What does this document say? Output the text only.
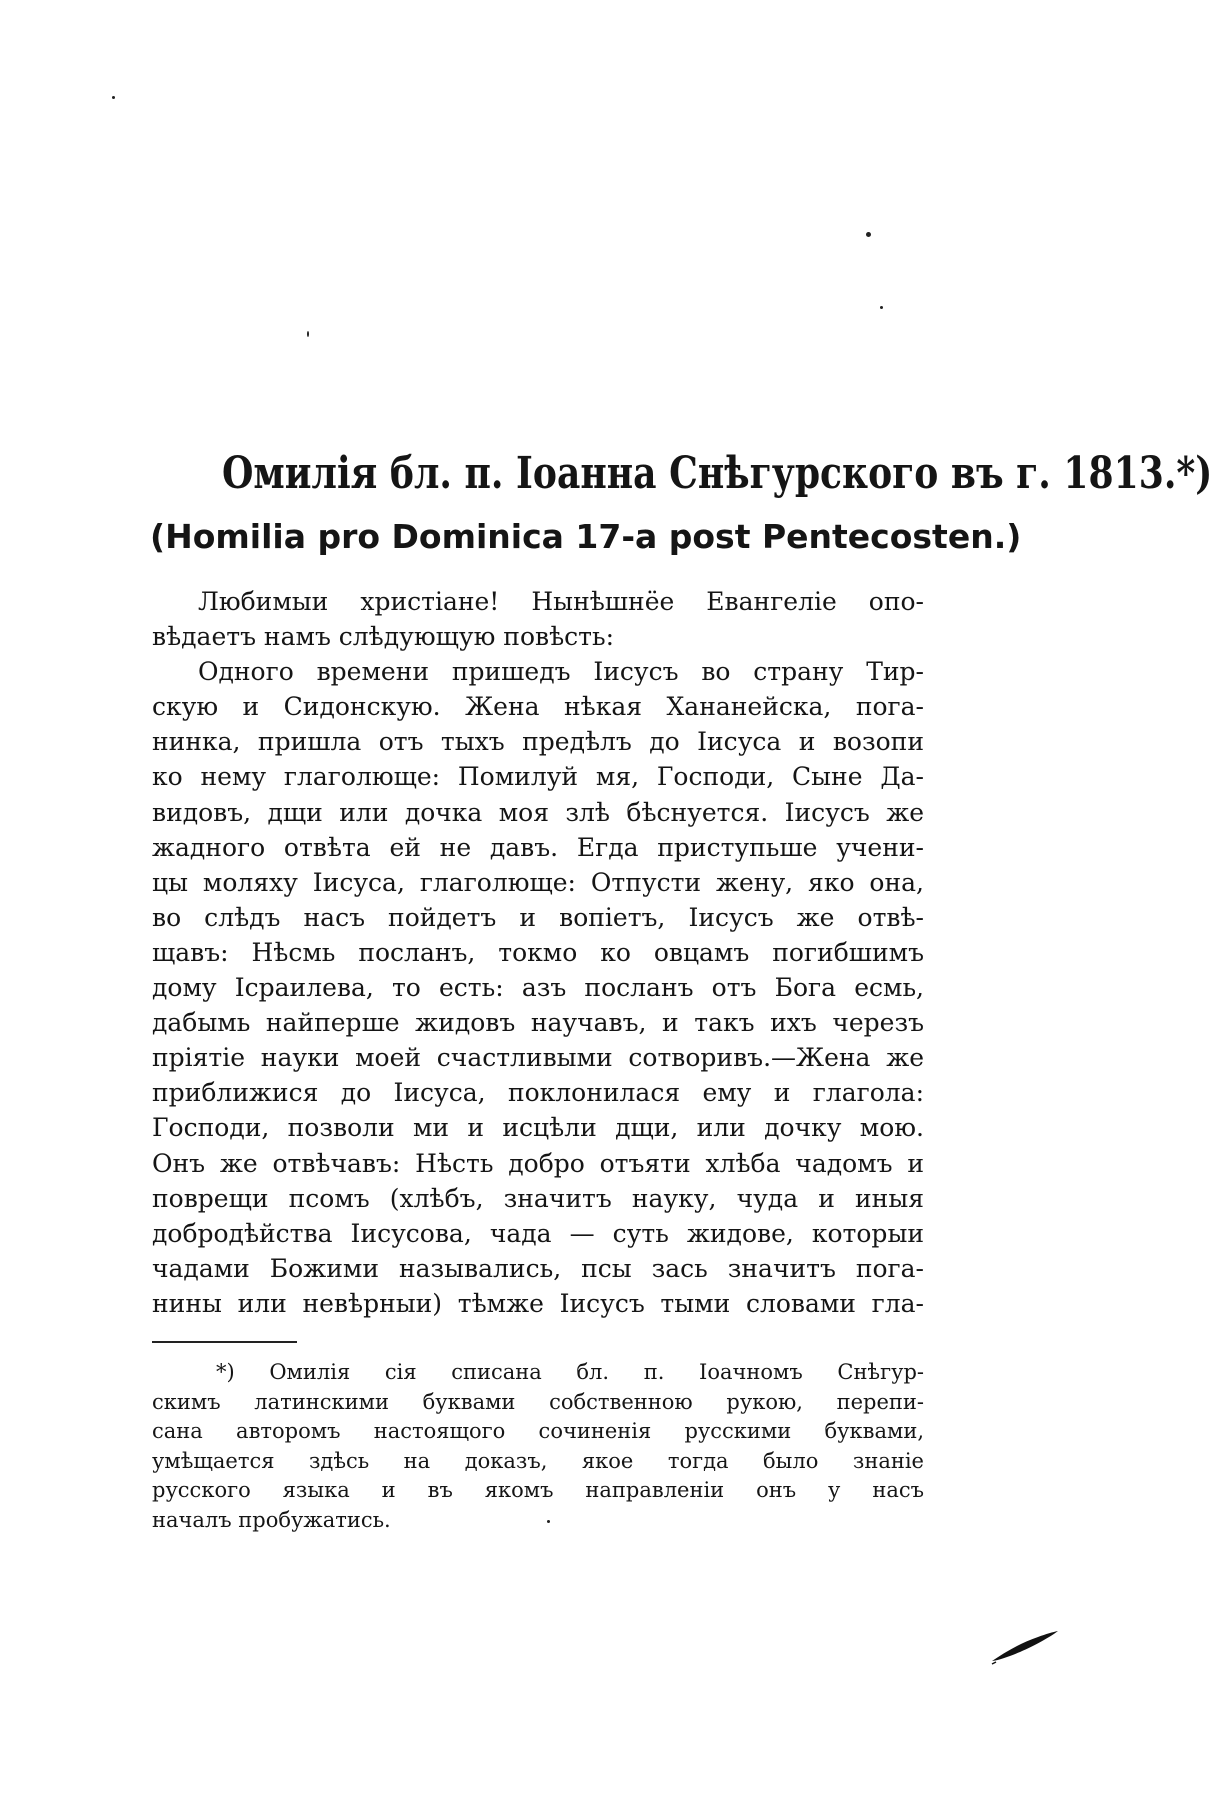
Омилія бл. п. Іоанна Снѣгурского въ г. 1813.*)
(Homilia pro Dominica 17-a post Pentecosten.)
Любимыи христіане! Нынѣшнёе Евангеліе опо-
вѣдаетъ намъ слѣдующую повѣсть:
Одного времени пришедъ Іисусъ во страну Тир-
скую и Сидонскую. Жена нѣкая Хананейска, пога-
нинка, пришла отъ тыхъ предѣлъ до Іисуса и возопи
ко нему глаголюще: Помилуй мя, Господи, Сыне Да-
видовъ, дщи или дочка моя злѣ бѣснуется. Іисусъ же
жадного отвѣта ей не давъ. Егда приступьше учени-
цы моляху Іисуса, глаголюще: Отпусти жену, яко она,
во слѣдъ насъ пойдетъ и вопіетъ, Іисусъ же отвѣ-
щавъ: Нѣсмь посланъ, токмо ко овцамъ погибшимъ
дому Ісраилева, то есть: азъ посланъ отъ Бога есмь,
дабымь найперше жидовъ научавъ, и такъ ихъ черезъ
пріятіе науки моей счастливыми сотворивъ.—Жена же
приближися до Іисуса, поклонилася ему и глагола:
Господи, позволи ми и исцѣли дщи, или дочку мою.
Онъ же отвѣчавъ: Нѣсть добро отъяти хлѣба чадомъ и
поврещи псомъ (хлѣбъ, значитъ науку, чуда и иныя
добродѣйства Іисусова, чада — суть жидове, которыи
чадами Божими назывались, псы зась значитъ пога-
нины или невѣрныи) тѣмже Іисусъ тыми словами гла-
*) Омилія сія списана бл. п. Іоачномъ Снѣгур-
скимъ латинскими буквами собственною рукою, перепи-
сана авторомъ настоящого сочиненія русскими буквами,
умѣщается здѣсь на доказъ, якое тогда было знаніе
русского языка и въ якомъ направленіи онъ у насъ
началъ пробужатись.
